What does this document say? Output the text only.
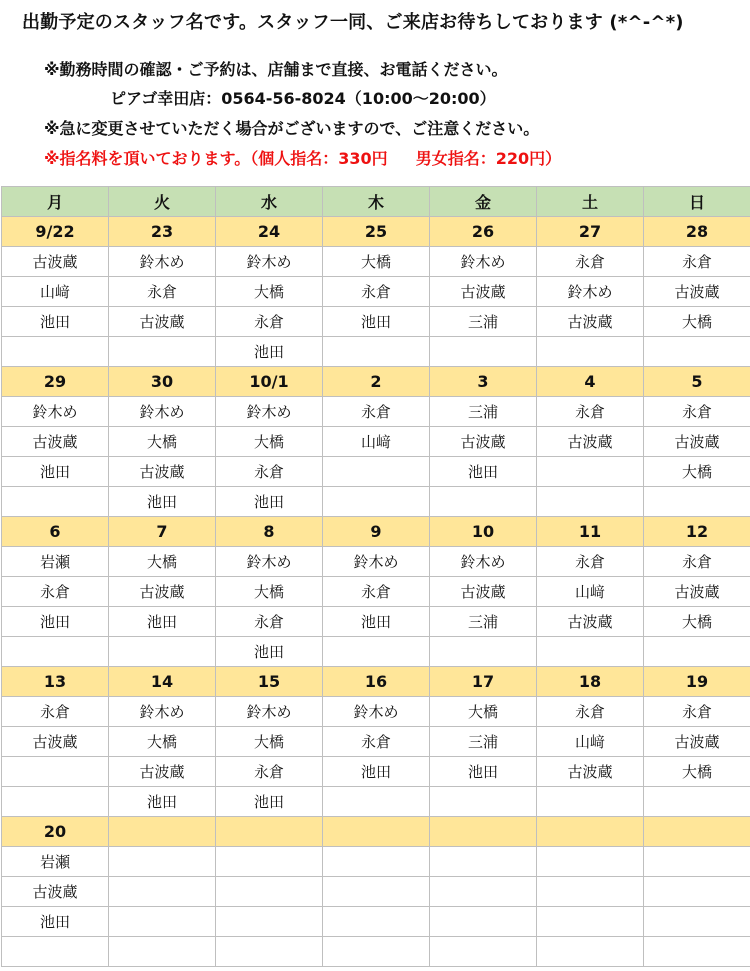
出勤予定のスタッフ名です。スタッフ一同、ご来店お待ちしております (*^-^*)
※勤務時間の確認・ご予約は、店舗まで直接、お電話ください。
ピアゴ幸田店：0564-56-8024（10:00〜20:00）
※急に変更させていただく場合がございますので、ご注意ください。
※指名料を頂いております。（個人指名：330円 男女指名：220円）
月	火	水	木	金	土	日
9/22	23	24	25	26	27	28
古波蔵	鈴木め	鈴木め	大橋	鈴木め	永倉	永倉
山﨑	永倉	大橋	永倉	古波蔵	鈴木め	古波蔵
池田	古波蔵	永倉	池田	三浦	古波蔵	大橋
		池田				
29	30	10/1	2	3	4	5
鈴木め	鈴木め	鈴木め	永倉	三浦	永倉	永倉
古波蔵	大橋	大橋	山﨑	古波蔵	古波蔵	古波蔵
池田	古波蔵	永倉		池田		大橋
	池田	池田				
6	7	8	9	10	11	12
岩瀬	大橋	鈴木め	鈴木め	鈴木め	永倉	永倉
永倉	古波蔵	大橋	永倉	古波蔵	山﨑	古波蔵
池田	池田	永倉	池田	三浦	古波蔵	大橋
		池田				
13	14	15	16	17	18	19
永倉	鈴木め	鈴木め	鈴木め	大橋	永倉	永倉
古波蔵	大橋	大橋	永倉	三浦	山﨑	古波蔵
	古波蔵	永倉	池田	池田	古波蔵	大橋
	池田	池田				
20						
岩瀬						
古波蔵						
池田						
